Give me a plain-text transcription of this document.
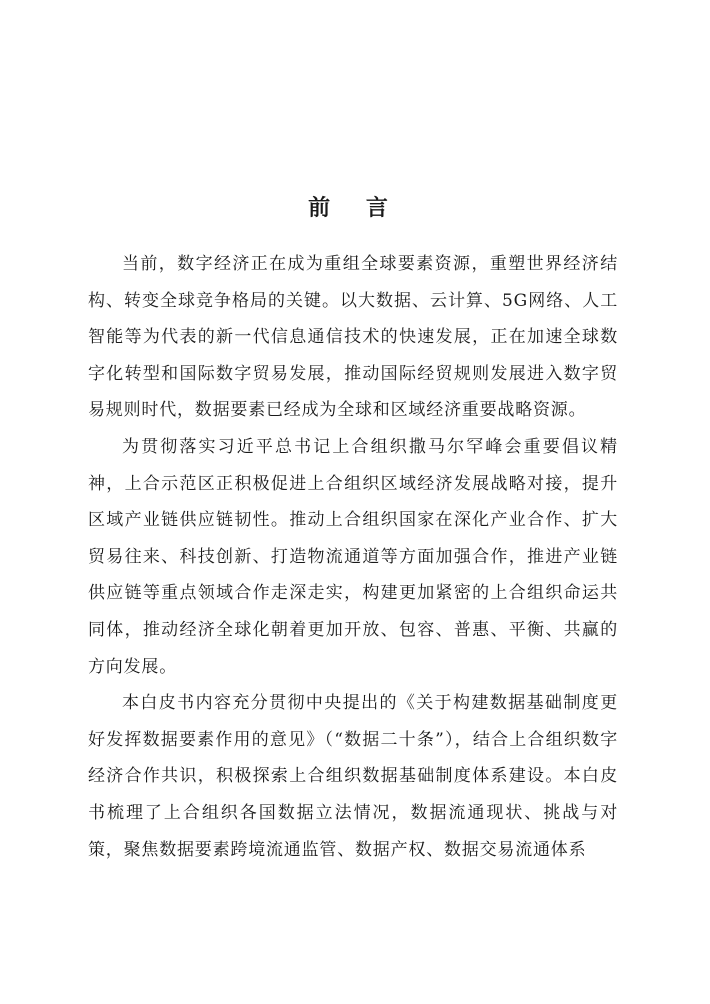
前 言

当前，数字经济正在成为重组全球要素资源，重塑世界经济结构、转变全球竞争格局的关键。以大数据、云计算、5G网络、人工智能等为代表的新一代信息通信技术的快速发展，正在加速全球数字化转型和国际数字贸易发展，推动国际经贸规则发展进入数字贸易规则时代，数据要素已经成为全球和区域经济重要战略资源。

为贯彻落实习近平总书记上合组织撒马尔罕峰会重要倡议精神，上合示范区正积极促进上合组织区域经济发展战略对接，提升区域产业链供应链韧性。推动上合组织国家在深化产业合作、扩大贸易往来、科技创新、打造物流通道等方面加强合作，推进产业链供应链等重点领域合作走深走实，构建更加紧密的上合组织命运共同体，推动经济全球化朝着更加开放、包容、普惠、平衡、共赢的方向发展。

本白皮书内容充分贯彻中央提出的《关于构建数据基础制度更好发挥数据要素作用的意见》（“数据二十条”），结合上合组织数字经济合作共识，积极探索上合组织数据基础制度体系建设。本白皮书梳理了上合组织各国数据立法情况，数据流通现状、挑战与对策，聚焦数据要素跨境流通监管、数据产权、数据交易流通体系
